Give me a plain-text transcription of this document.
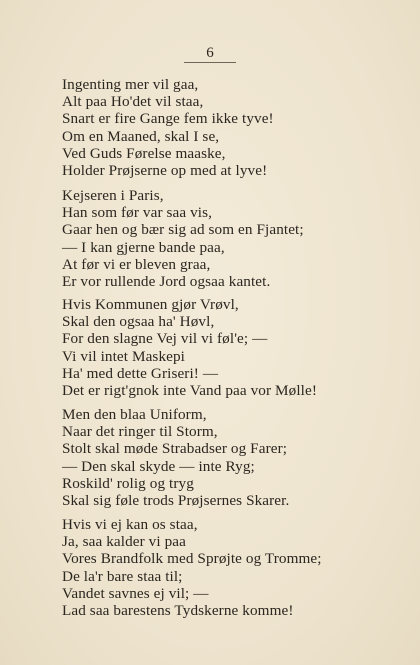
6
Ingenting mer vil gaa,
Alt paa Ho'det vil staa,
Snart er fire Gange fem ikke tyve!
Om en Maaned, skal I se,
Ved Guds Førelse maaske,
Holder Prøjserne op med at lyve!
Kejseren i Paris,
Han som før var saa vis,
Gaar hen og bær sig ad som en Fjantet;
— I kan gjerne bande paa,
At før vi er bleven graa,
Er vor rullende Jord ogsaa kantet.
Hvis Kommunen gjør Vrøvl,
Skal den ogsaa ha' Høvl,
For den slagne Vej vil vi føl'e; —
Vi vil intet Maskepi
Ha' med dette Griseri! —
Det er rigt'gnok inte Vand paa vor Mølle!
Men den blaa Uniform,
Naar det ringer til Storm,
Stolt skal møde Strabadser og Farer;
— Den skal skyde — inte Ryg;
Roskild' rolig og tryg
Skal sig føle trods Prøjsernes Skarer.
Hvis vi ej kan os staa,
Ja, saa kalder vi paa
Vores Brandfolk med Sprøjte og Tromme;
De la'r bare staa til;
Vandet savnes ej vil; —
Lad saa barestens Tydskerne komme!
